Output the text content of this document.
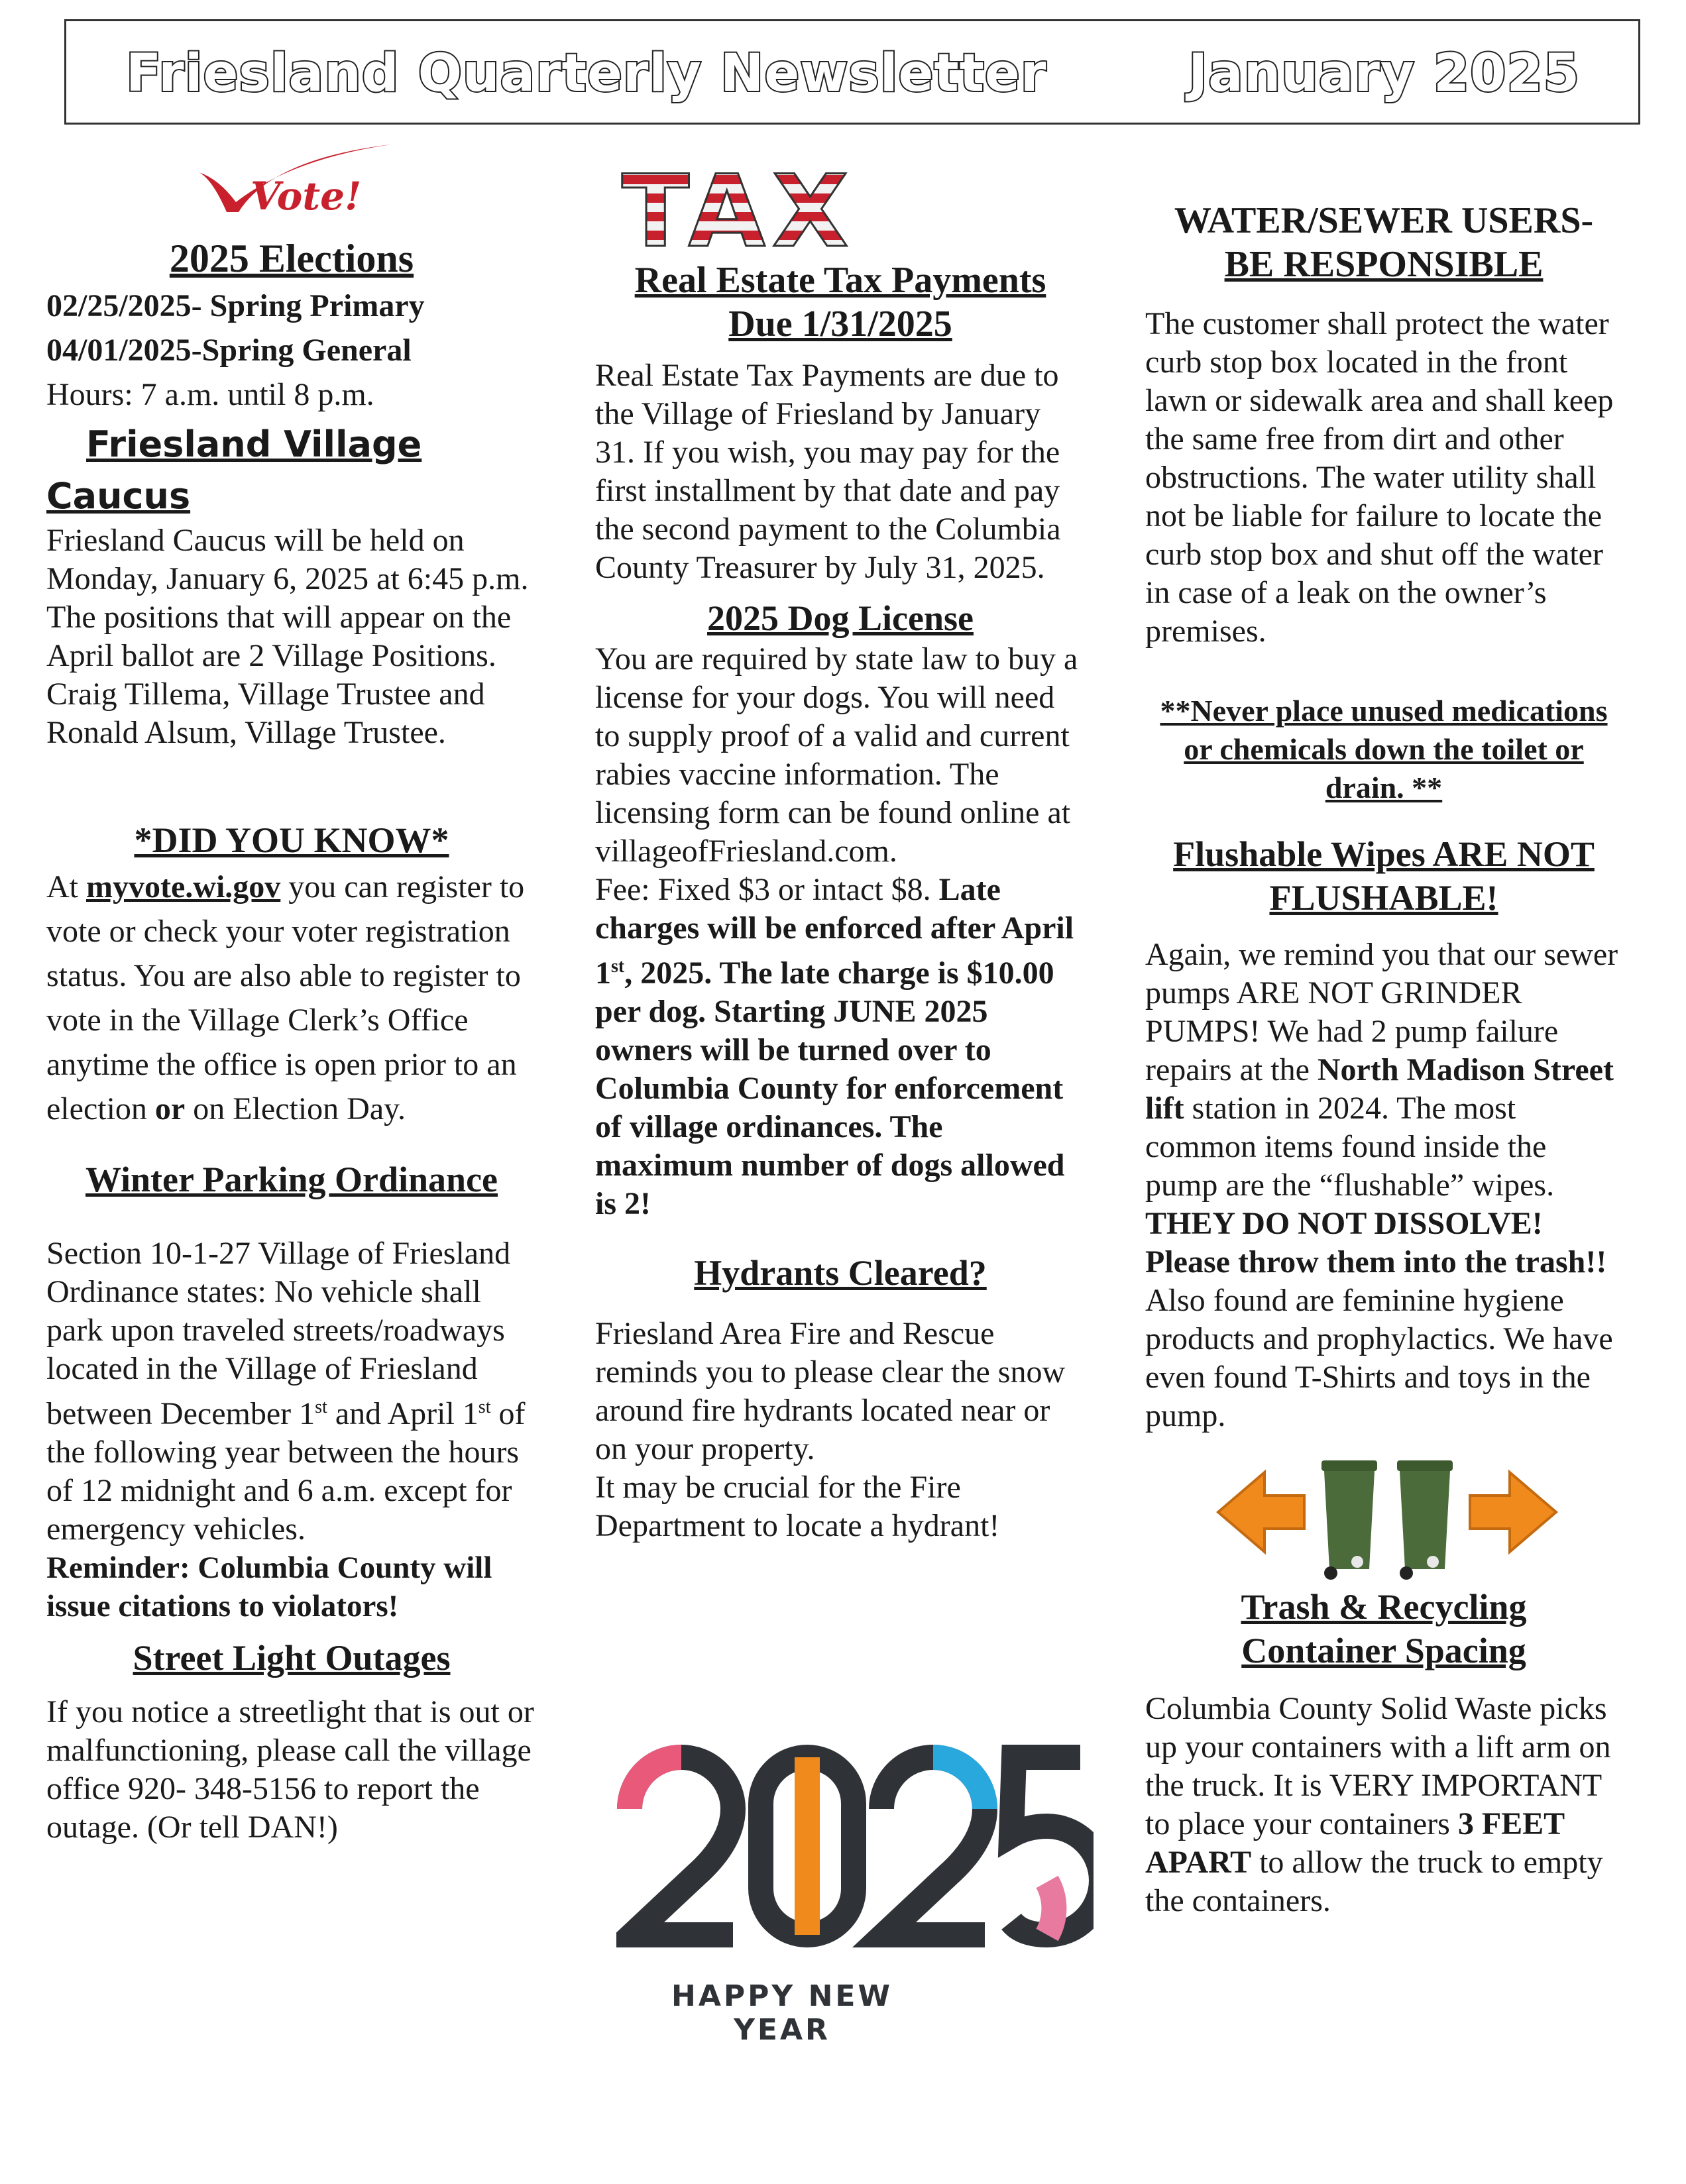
Friesland Quarterly Newsletter	January 2025
Vote!
2025 Elections

02/25/2025- Spring Primary

04/01/2025-Spring General

Hours: 7 a.m. until 8 p.m.

Friesland Village

Caucus

Friesland Caucus will be held on Monday, January 6, 2025 at 6:45 p.m. The positions that will appear on the April ballot are 2 Village Positions. Craig Tillema, Village Trustee and Ronald Alsum, Village Trustee.

*DID YOU KNOW*

At myvote.wi.gov you can register to vote or check your voter registration status. You are also able to register to vote in the Village Clerk’s Office anytime the office is open prior to an election or on Election Day.

Winter Parking Ordinance

Section 10-1-27 Village of Friesland Ordinance states: No vehicle shall park upon traveled streets/roadways located in the Village of Friesland between December 1st and April 1st of the following year between the hours of 12 midnight and 6 a.m. except for emergency vehicles.

Reminder: Columbia County will issue citations to violators!

Street Light Outages

If you notice a streetlight that is out or malfunctioning, please call the village office 920- 348-5156 to report the outage. (Or tell DAN!)

TAX

Real Estate Tax Payments

Due 1/31/2025

Real Estate Tax Payments are due to the Village of Friesland by January 31. If you wish, you may pay for the first installment by that date and pay the second payment to the Columbia County Treasurer by July 31, 2025.

2025 Dog License

You are required by state law to buy a license for your dogs. You will need to supply proof of a valid and current rabies vaccine information. The licensing form can be found online at villageofFriesland.com.

Fee: Fixed $3 or intact $8. Late charges will be enforced after April 1st, 2025. The late charge is $10.00 per dog. Starting JUNE 2025 owners will be turned over to Columbia County for enforcement of village ordinances. The maximum number of dogs allowed is 2!

Hydrants Cleared?

Friesland Area Fire and Rescue reminds you to please clear the snow around fire hydrants located near or on your property.

It may be crucial for the Fire Department to locate a hydrant!

HAPPY NEW YEAR

WATER/SEWER USERS-

BE RESPONSIBLE

The customer shall protect the water curb stop box located in the front lawn or sidewalk area and shall keep the same free from dirt and other obstructions. The water utility shall not be liable for failure to locate the curb stop box and shut off the water in case of a leak on the owner’s premises.

**Never place unused medications or chemicals down the toilet or drain. **

Flushable Wipes ARE NOT

FLUSHABLE!

Again, we remind you that our sewer pumps ARE NOT GRINDER PUMPS! We had 2 pump failure repairs at the North Madison Street lift station in 2024. The most common items found inside the pump are the “flushable” wipes. THEY DO NOT DISSOLVE! Please throw them into the trash!! Also found are feminine hygiene products and prophylactics. We have even found T-Shirts and toys in the pump.

Trash & Recycling

Container Spacing

Columbia County Solid Waste picks up your containers with a lift arm on the truck. It is VERY IMPORTANT to place your containers 3 FEET APART to allow the truck to empty the containers.
